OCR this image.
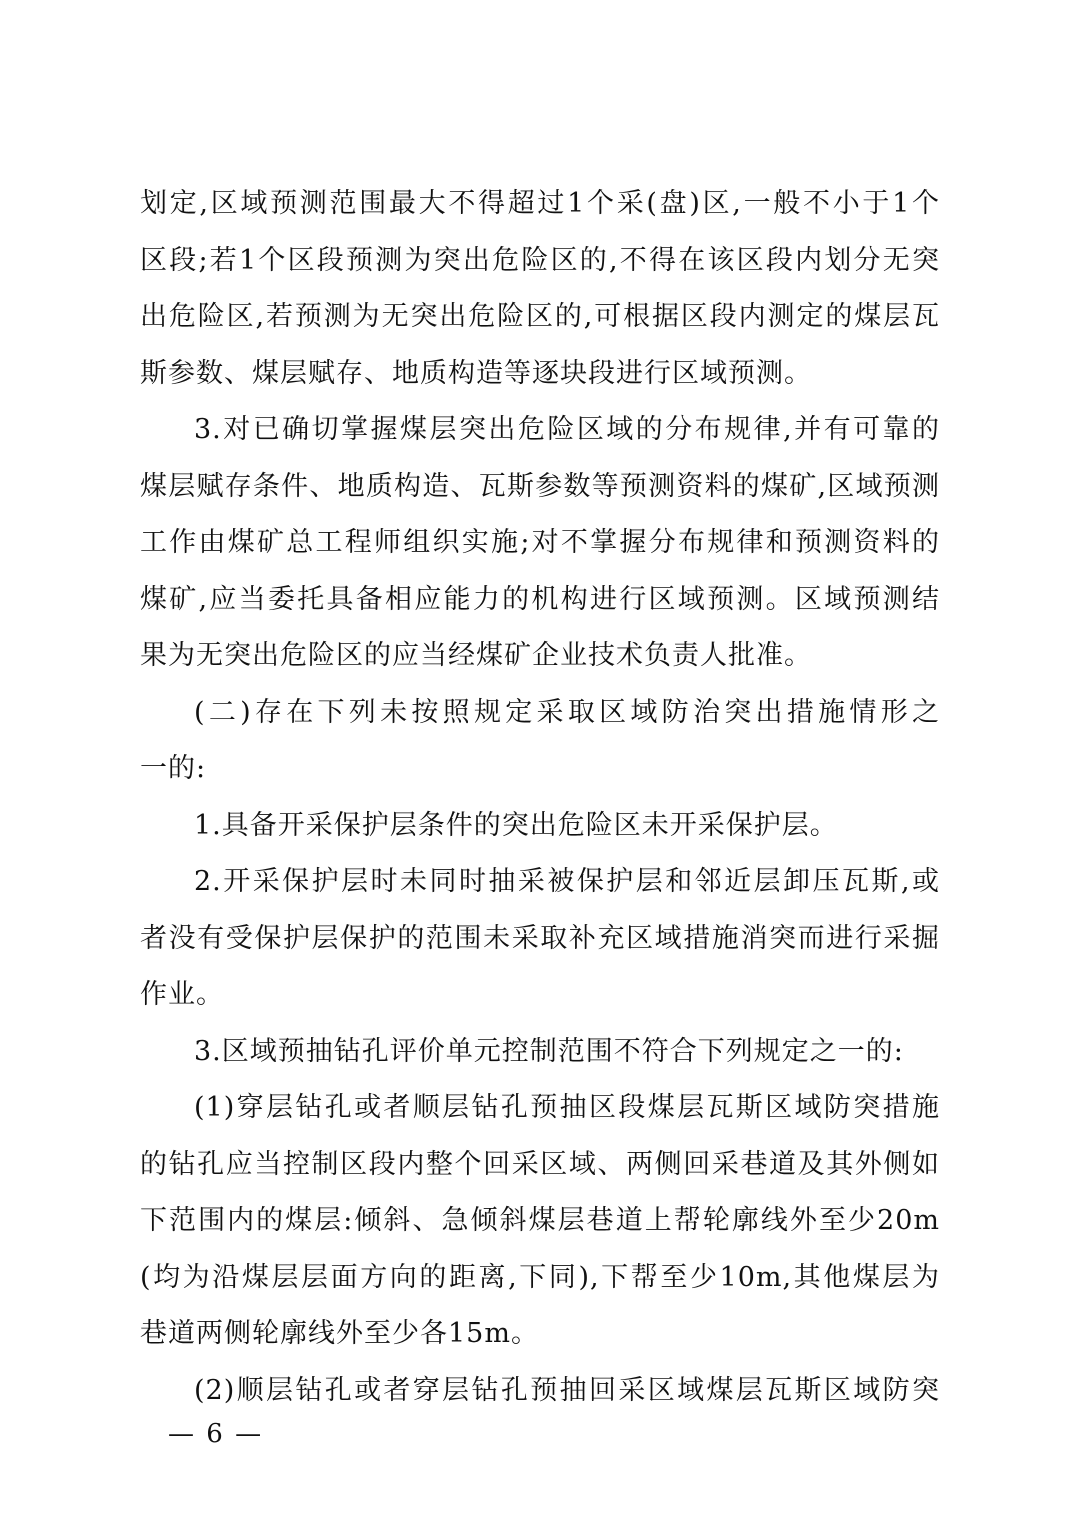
划定,区域预测范围最大不得超过1个采(盘)区,一般不小于1个
区段;若1个区段预测为突出危险区的,不得在该区段内划分无突
出危险区,若预测为无突出危险区的,可根据区段内测定的煤层瓦
斯参数、煤层赋存、地质构造等逐块段进行区域预测。
3.对已确切掌握煤层突出危险区域的分布规律,并有可靠的
煤层赋存条件、地质构造、瓦斯参数等预测资料的煤矿,区域预测
工作由煤矿总工程师组织实施;对不掌握分布规律和预测资料的
煤矿,应当委托具备相应能力的机构进行区域预测。区域预测结
果为无突出危险区的应当经煤矿企业技术负责人批准。
(二)存在下列未按照规定采取区域防治突出措施情形之
一的:
1.具备开采保护层条件的突出危险区未开采保护层。
2.开采保护层时未同时抽采被保护层和邻近层卸压瓦斯,或
者没有受保护层保护的范围未采取补充区域措施消突而进行采掘
作业。
3.区域预抽钻孔评价单元控制范围不符合下列规定之一的:
(1)穿层钻孔或者顺层钻孔预抽区段煤层瓦斯区域防突措施
的钻孔应当控制区段内整个回采区域、两侧回采巷道及其外侧如
下范围内的煤层:倾斜、急倾斜煤层巷道上帮轮廓线外至少20m
(均为沿煤层层面方向的距离,下同),下帮至少10m,其他煤层为
巷道两侧轮廓线外至少各15m。
(2)顺层钻孔或者穿层钻孔预抽回采区域煤层瓦斯区域防突
— 6 —
